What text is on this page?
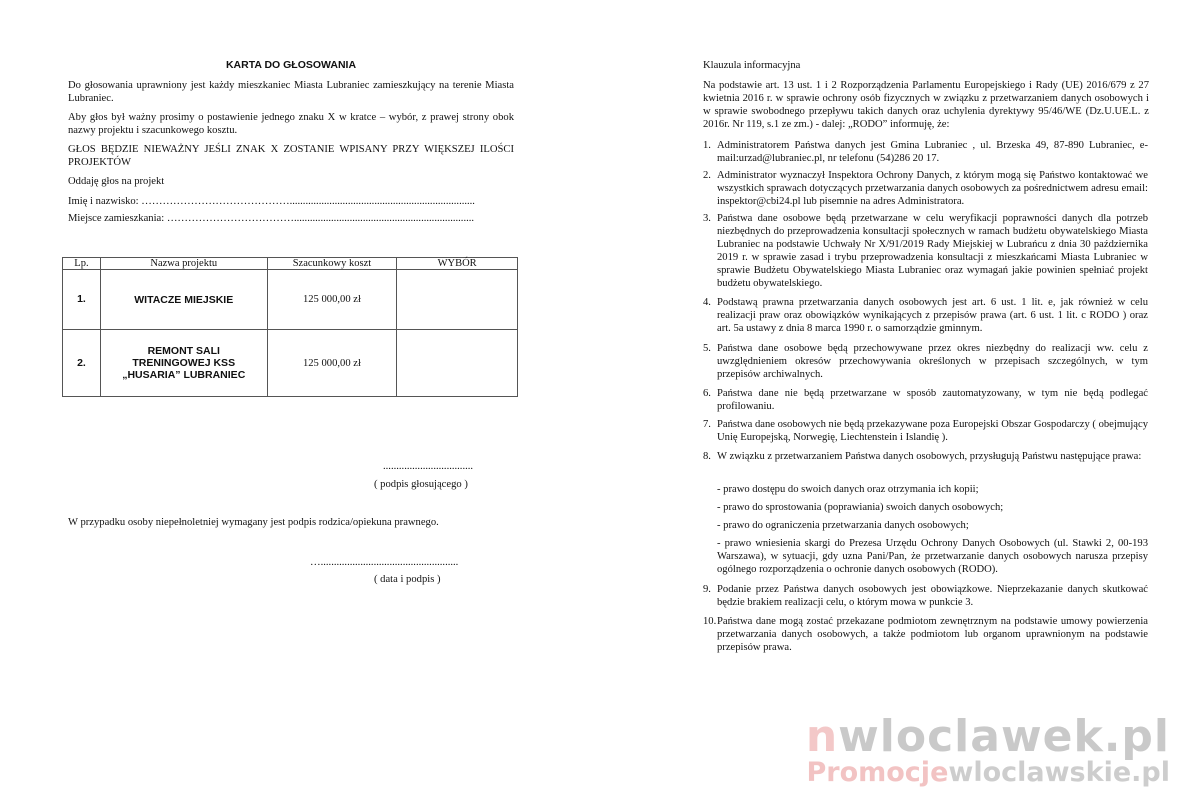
KARTA DO GŁOSOWANIA
Do głosowania uprawniony jest każdy mieszkaniec Miasta Lubraniec zamieszkujący na terenie Miasta Lubraniec.
Aby głos był ważny prosimy o postawienie jednego znaku X w kratce – wybór, z prawej strony obok nazwy projektu i szacunkowego kosztu.
GŁOS BĘDZIE NIEWAŻNY JEŚLI ZNAK X ZOSTANIE WPISANY PRZY WIĘKSZEJ ILOŚCI PROJEKTÓW
Oddaję głos na projekt
Imię i nazwisko: ……………………………………......................................................................
Miejsce zamieszkania: ………………………………....................................................................
Lp.	Nazwa projektu	Szacunkowy koszt	WYBÓR
1.	WITACZE MIEJSKIE	125 000,00 zł	
2.	REMONT SALI
TRENINGOWEJ KSS
„HUSARIA” LUBRANIEC	125 000,00 zł	
..................................
( podpis głosującego )
W przypadku osoby niepełnoletniej wymagany jest podpis rodzica/opiekuna prawnego.
…....................................................
( data i podpis )
Klauzula informacyjna
Na podstawie art. 13 ust. 1 i 2 Rozporządzenia Parlamentu Europejskiego i Rady (UE) 2016/679 z 27 kwietnia 2016 r. w sprawie ochrony osób fizycznych w związku z przetwarzaniem danych osobowych i w sprawie swobodnego przepływu takich danych oraz uchylenia dyrektywy 95/46/WE (Dz.U.UE.L. z 2016r. Nr 119, s.1 ze zm.) - dalej: „RODO” informuję, że:
1. Administratorem Państwa danych jest Gmina Lubraniec , ul. Brzeska 49, 87-890 Lubraniec, e-mail:urzad@lubraniec.pl, nr telefonu (54)286 20 17.
2. Administrator wyznaczył Inspektora Ochrony Danych, z którym mogą się Państwo kontaktować we wszystkich sprawach dotyczących przetwarzania danych osobowych za pośrednictwem adresu email: inspektor@cbi24.pl lub pisemnie na adres Administratora.
3. Państwa dane osobowe będą przetwarzane w celu weryfikacji poprawności danych dla potrzeb niezbędnych do przeprowadzenia konsultacji społecznych w ramach budżetu obywatelskiego Miasta Lubraniec na podstawie Uchwały Nr X/91/2019 Rady Miejskiej w Lubrańcu z dnia 30 października 2019 r. w sprawie zasad i trybu przeprowadzenia konsultacji z mieszkańcami Miasta Lubraniec w sprawie Budżetu Obywatelskiego Miasta Lubraniec oraz wymagań jakie powinien spełniać projekt budżetu obywatelskiego.
4. Podstawą prawna przetwarzania danych osobowych jest art. 6 ust. 1 lit. e, jak również w celu realizacji praw oraz obowiązków wynikających z przepisów prawa (art. 6 ust. 1 lit. c RODO ) oraz art. 5a ustawy z dnia 8 marca 1990 r. o samorządzie gminnym.
5. Państwa dane osobowe będą przechowywane przez okres niezbędny do realizacji ww. celu z uwzględnieniem okresów przechowywania określonych w przepisach szczególnych, w tym przepisów archiwalnych.
6. Państwa dane nie będą przetwarzane w sposób zautomatyzowany, w tym nie będą podlegać profilowaniu.
7. Państwa dane osobowych nie będą przekazywane poza Europejski Obszar Gospodarczy ( obejmujący Unię Europejską, Norwegię, Liechtenstein i Islandię ).
8. W związku z przetwarzaniem Państwa danych osobowych, przysługują Państwu następujące prawa:
- prawo dostępu do swoich danych oraz otrzymania ich kopii;
- prawo do sprostowania (poprawiania) swoich danych osobowych;
- prawo do ograniczenia przetwarzania danych osobowych;
- prawo wniesienia skargi do Prezesa Urzędu Ochrony Danych Osobowych (ul. Stawki 2, 00-193 Warszawa), w sytuacji, gdy uzna Pani/Pan, że przetwarzanie danych osobowych narusza przepisy ogólnego rozporządzenia o ochronie danych osobowych (RODO).
9. Podanie przez Państwa danych osobowych jest obowiązkowe. Nieprzekazanie danych skutkować będzie brakiem realizacji celu, o którym mowa w punkcie 3.
10. Państwa dane mogą zostać przekazane podmiotom zewnętrznym na podstawie umowy powierzenia przetwarzania danych osobowych, a także podmiotom lub organom uprawnionym na podstawie przepisów prawa.
nwloclawek.pl
Promocjewloclawskie.pl
